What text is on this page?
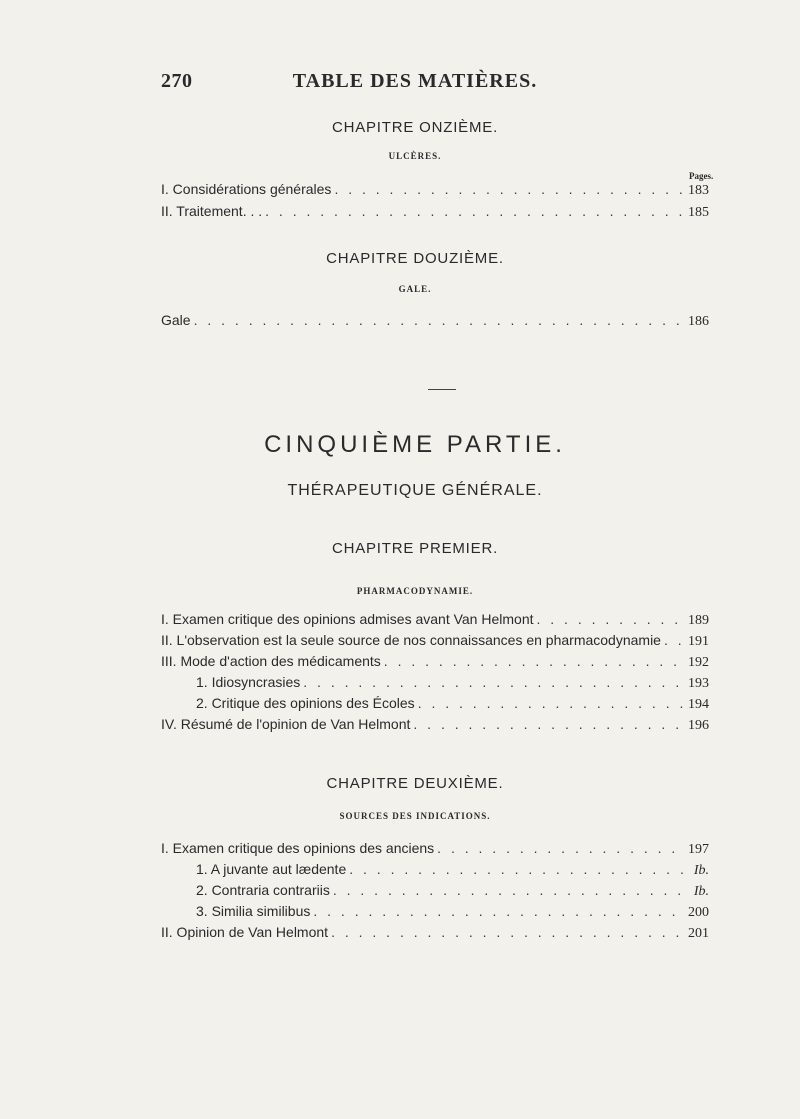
270	TABLE DES MATIÈRES.
CHAPITRE ONZIÈME.
ULCÈRES.
Pages.
I. Considérations générales . . .	183
II. Traitement. . . . . .	185
CHAPITRE DOUZIÈME.
GALE.
Gale . . .	186
CINQUIÈME PARTIE.
THÉRAPEUTIQUE GÉNÉRALE.
CHAPITRE PREMIER.
PHARMACODYNAMIE.
I. Examen critique des opinions admises avant Van Helmont . . .	189
II. L'observation est la seule source de nos connaissances en pharmacodynamie . . . 191
III. Mode d'action des médicaments . . .	192
1. Idiosyncrasies . . .	193
2. Critique des opinions des Écoles . . .	194
IV. Résumé de l'opinion de Van Helmont . . .	196
CHAPITRE DEUXIÈME.
SOURCES DES INDICATIONS.
I. Examen critique des opinions des anciens . . .	197
1. A juvante aut lædente . . .	Ib.
2. Contraria contrariis . . .	Ib.
3. Similia similibus . . .	200
II. Opinion de Van Helmont . . .	201
